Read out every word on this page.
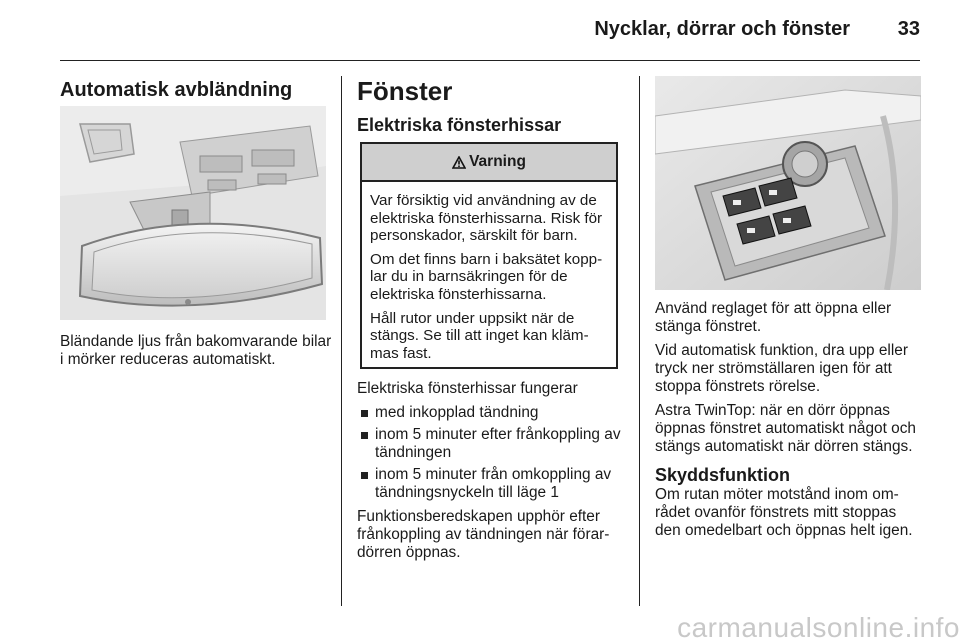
Nycklar, dörrar och fönster	33
Automatisk avbländning

Bländande ljus från bakomvarande bilar i mörker reduceras automatiskt.

Fönster
Elektriska fönsterhissar
Varning

Var försiktig vid användning av de elektriska fönsterhissarna. Risk för personskador, särskilt för barn.

Om det finns barn i baksätet kopp- lar du in barnsäkringen för de elektriska fönsterhissarna.

Håll rutor under uppsikt när de stängs. Se till att inget kan kläm- mas fast.

Elektriska fönsterhissar fungerar

med inkopplad tändning
inom 5 minuter efter frånkoppling av tändningen
inom 5 minuter från omkoppling av tändningsnyckeln till läge 1

Funktionsberedskapen upphör efter frånkoppling av tändningen när förar- dörren öppnas.

Använd reglaget för att öppna eller stänga fönstret.

Vid automatisk funktion, dra upp eller tryck ner strömställaren igen för att stoppa fönstrets rörelse.

Astra TwinTop: när en dörr öppnas öppnas fönstret automatiskt något och stängs automatiskt när dörren stängs.

Skyddsfunktion

Om rutan möter motstånd inom om- rådet ovanför fönstrets mitt stoppas den omedelbart och öppnas helt igen.

carmanualsonline.info
